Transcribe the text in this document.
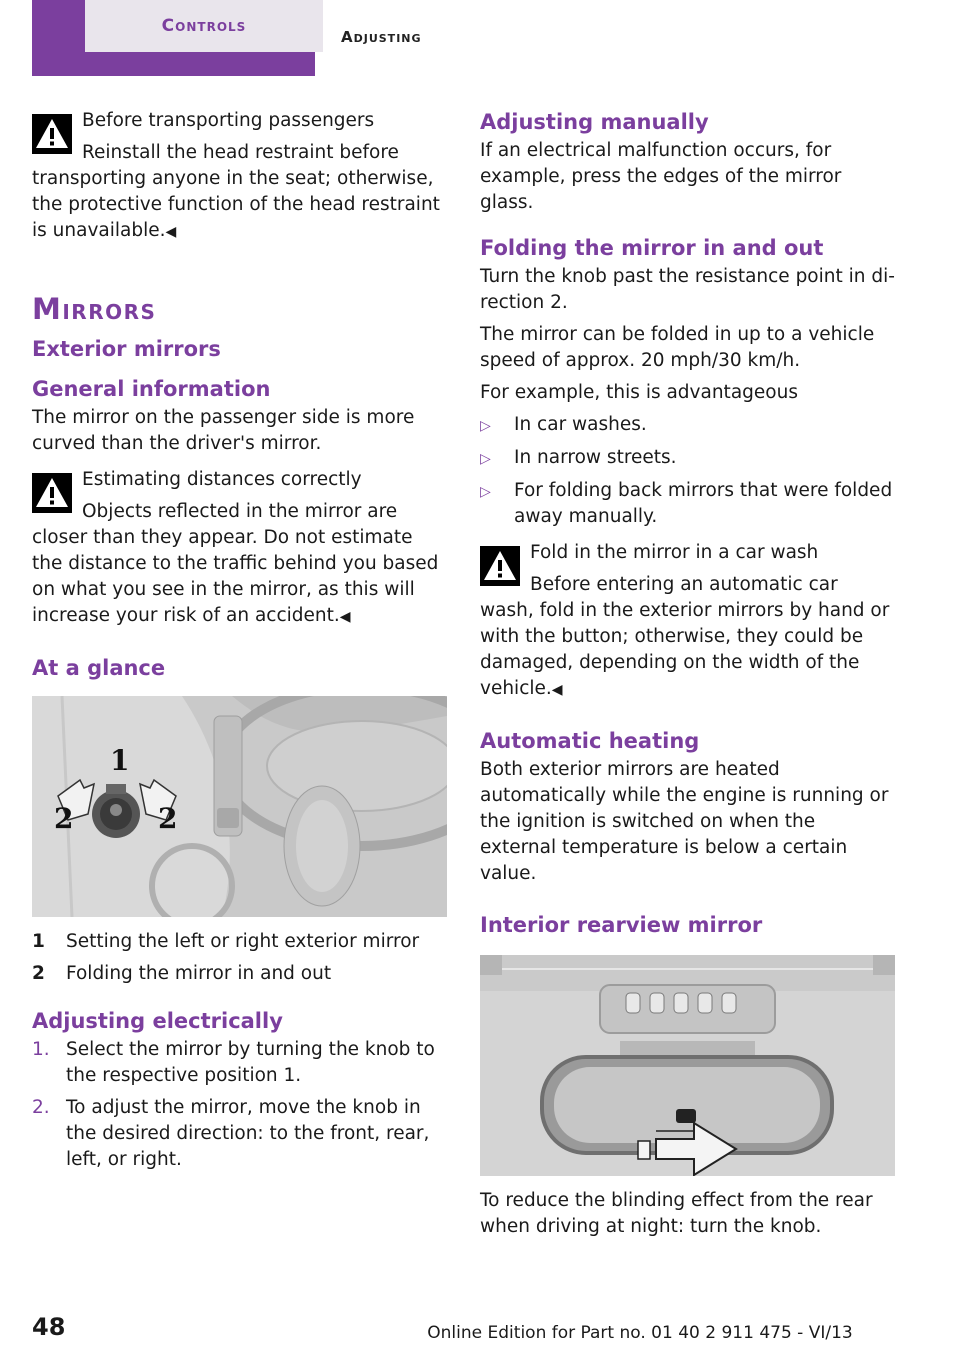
Controls
Adjusting
Before transporting passengers
Reinstall the head restraint before transporting anyone in the seat; otherwise, the protective function of the head restraint is unavailable.◀
Mirrors
Exterior mirrors
General information

The mirror on the passenger side is more curved than the driver's mirror.

Estimating distances correctly
Objects reflected in the mirror are closer than they appear. Do not estimate the distance to the traffic behind you based on what you see in the mirror, as this will increase your risk of an accident.◀
At a glance
1
2	2
1	Setting the left or right exterior mirror
2	Folding the mirror in and out
Adjusting electrically
1. Select the mirror by turning the knob to the respective position 1.
2. To adjust the mirror, move the knob in the desired direction: to the front, rear, left, or right.
Adjusting manually

If an electrical malfunction occurs, for example, press the edges of the mirror glass.

Folding the mirror in and out

Turn the knob past the resistance point in direction 2.

The mirror can be folded in up to a vehicle speed of approx. 20 mph/30 km/h.

For example, this is advantageous

▷	In car washes.
▷	In narrow streets.
▷	For folding back mirrors that were folded away manually.
Fold in the mirror in a car wash
Before entering an automatic car wash, fold in the exterior mirrors by hand or with the button; otherwise, they could be damaged, depending on the width of the vehicle.◀
Automatic heating

Both exterior mirrors are heated automatically while the engine is running or the ignition is switched on when the external temperature is below a certain value.

Interior rearview mirror

To reduce the blinding effect from the rear when driving at night: turn the knob.

48	Online Edition for Part no. 01 40 2 911 475 - VI/13
